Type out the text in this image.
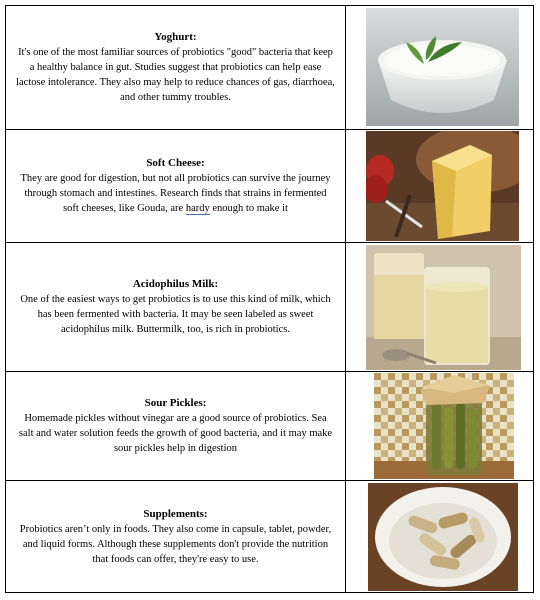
Yoghurt:
It's one of the most familiar sources of probiotics "good" bacteria that keep a healthy balance in gut. Studies suggest that probiotics can help ease lactose intolerance. They also may help to reduce chances of gas, diarrhoea, and other tummy troubles.
Soft Cheese:
They are good for digestion, but not all probiotics can survive the journey through stomach and intestines. Research finds that strains in fermented soft cheeses, like Gouda, are hardy enough to make it
Acidophilus Milk:
One of the easiest ways to get probiotics is to use this kind of milk, which has been fermented with bacteria. It may be seen labeled as sweet acidophilus milk. Buttermilk, too, is rich in probiotics.
Sour Pickles:
Homemade pickles without vinegar are a good source of probiotics. Sea salt and water solution feeds the growth of good bacteria, and it may make sour pickles help in digestion
Supplements:
Probiotics aren’t only in foods. They also come in capsule, tablet, powder, and liquid forms. Although these supplements don't provide the nutrition that foods can offer, they're easy to use.
